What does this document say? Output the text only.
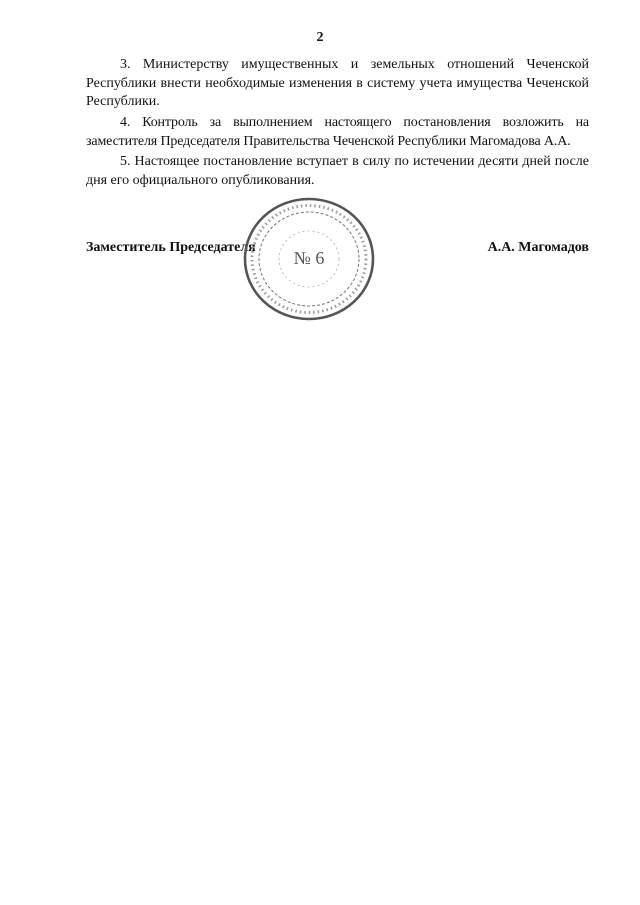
2

3. Министерству имущественных и земельных отношений Чеченской Республики внести необходимые изменения в систему учета имущества Чеченской Республики.

4. Контроль за выполнением настоящего постановления возложить на заместителя Председателя Правительства Чеченской Республики Магомадова А.А.

5. Настоящее постановление вступает в силу по истечении десяти дней после дня его официального опубликования.

Заместитель Председателя	А.А. Магомадов
№ 6
